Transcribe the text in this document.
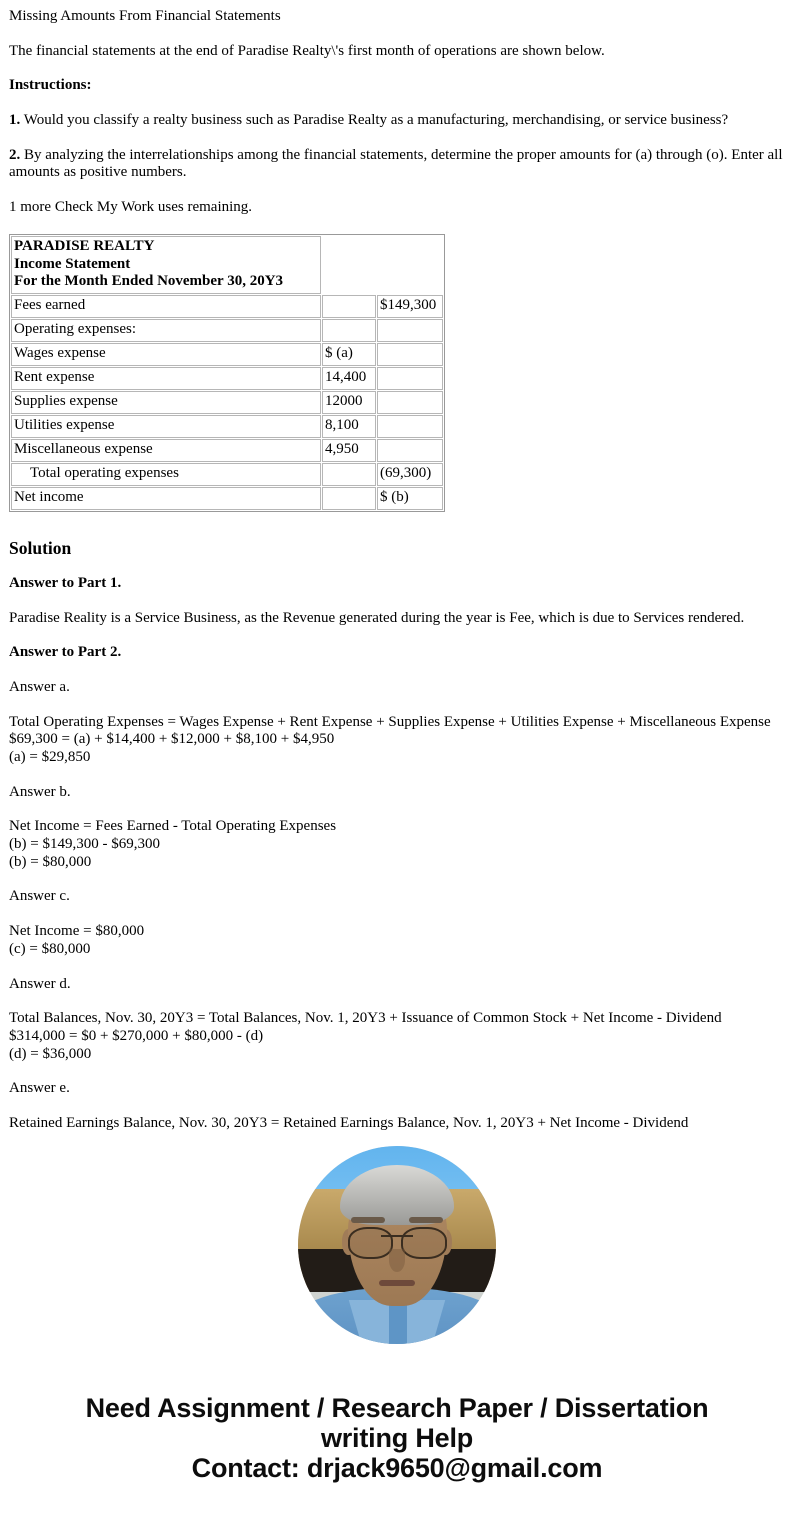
Missing Amounts From Financial Statements

The financial statements at the end of Paradise Realty\'s first month of operations are shown below.

Instructions:

1. Would you classify a realty business such as Paradise Realty as a manufacturing, merchandising, or service business?

2. By analyzing the interrelationships among the financial statements, determine the proper amounts for (a) through (o). Enter all amounts as positive numbers.

1 more Check My Work uses remaining.

PARADISE REALTY
Income Statement
For the Month Ended November 30, 20Y3		

Fees earned		$149,300
Operating expenses:		
Wages expense	$ (a)	
Rent expense	14,400	
Supplies expense	12000	
Utilities expense	8,100	
Miscellaneous expense	4,950	
Total operating expenses		(69,300)
Net income		$ (b)
Solution

Answer to Part 1.

Paradise Reality is a Service Business, as the Revenue generated during the year is Fee, which is due to Services rendered.

Answer to Part 2.

Answer a.

Total Operating Expenses = Wages Expense + Rent Expense + Supplies Expense + Utilities Expense + Miscellaneous Expense
$69,300 = (a) + $14,400 + $12,000 + $8,100 + $4,950
(a) = $29,850

Answer b.

Net Income = Fees Earned - Total Operating Expenses
(b) = $149,300 - $69,300
(b) = $80,000

Answer c.

Net Income = $80,000
(c) = $80,000

Answer d.

Total Balances, Nov. 30, 20Y3 = Total Balances, Nov. 1, 20Y3 + Issuance of Common Stock + Net Income - Dividend
$314,000 = $0 + $270,000 + $80,000 - (d)
(d) = $36,000

Answer e.

Retained Earnings Balance, Nov. 30, 20Y3 = Retained Earnings Balance, Nov. 1, 20Y3 + Net Income - Dividend

Need Assignment / Research Paper / Dissertation
writing Help
Contact: drjack9650@gmail.com
